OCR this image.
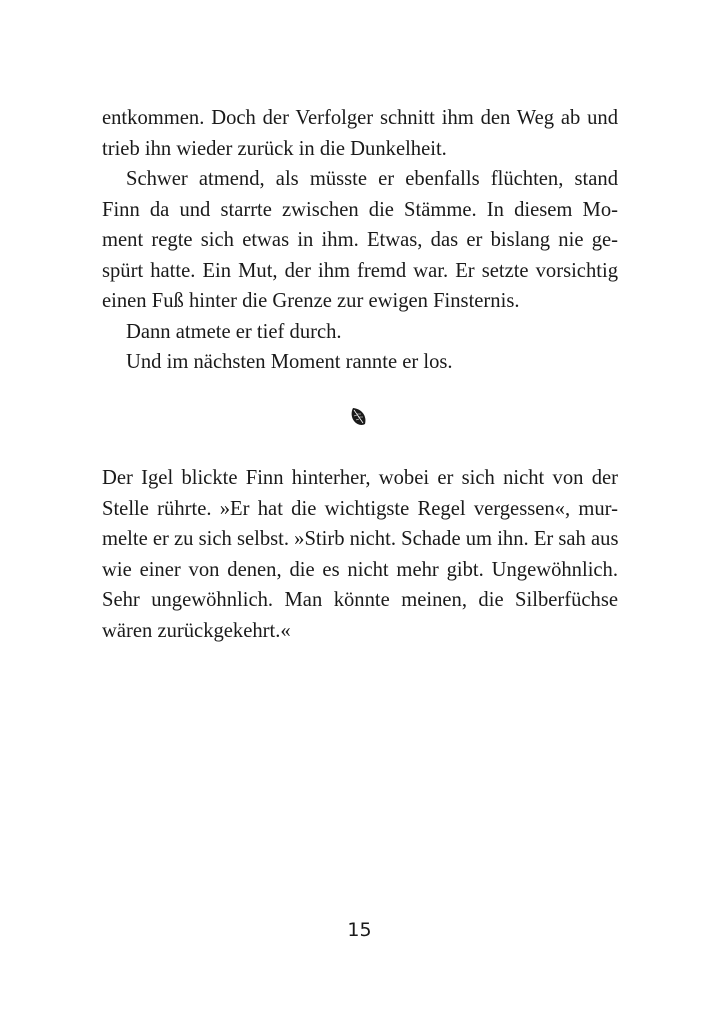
entkommen. Doch der Verfolger schnitt ihm den Weg ab und
trieb ihn wieder zurück in die Dunkelheit.
Schwer atmend, als müsste er ebenfalls flüchten, stand
Finn da und starrte zwischen die Stämme. In diesem Mo-
ment regte sich etwas in ihm. Etwas, das er bislang nie ge-
spürt hatte. Ein Mut, der ihm fremd war. Er setzte vorsichtig
einen Fuß hinter die Grenze zur ewigen Finsternis.
Dann atmete er tief durch.
Und im nächsten Moment rannte er los.
Der Igel blickte Finn hinterher, wobei er sich nicht von der
Stelle rührte. »Er hat die wichtigste Regel vergessen«, mur-
melte er zu sich selbst. »Stirb nicht. Schade um ihn. Er sah aus
wie einer von denen, die es nicht mehr gibt. Ungewöhnlich.
Sehr ungewöhnlich. Man könnte meinen, die Silberfüchse
wären zurückgekehrt.«
15
